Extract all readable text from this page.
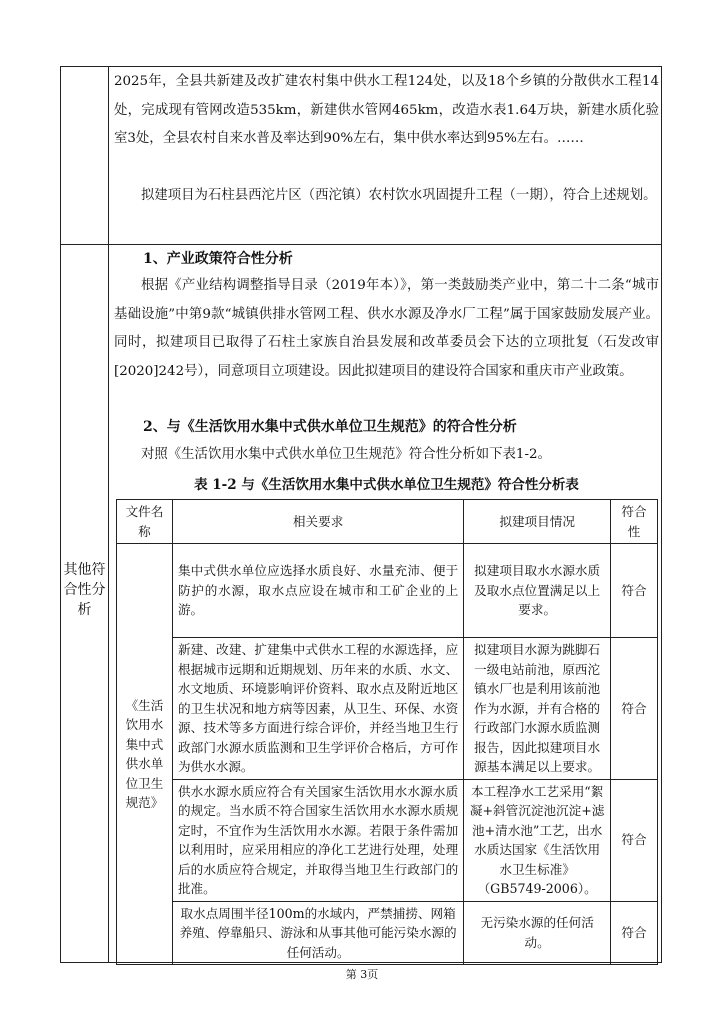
2025年，全县共新建及改扩建农村集中供水工程124处，以及18个乡镇的分散供水工程14处，完成现有管网改造535km，新建供水管网465km，改造水表1.64万块，新建水质化验室3处，全县农村自来水普及率达到90%左右，集中供水率达到95%左右。……

拟建项目为石柱县西沱片区（西沱镇）农村饮水巩固提升工程（一期），符合上述规划。

其他符合性分析

1、产业政策符合性分析

根据《产业结构调整指导目录（2019年本）》，第一类鼓励类产业中，第二十二条“城市基础设施”中第9款“城镇供排水管网工程、供水水源及净水厂工程”属于国家鼓励发展产业。同时，拟建项目已取得了石柱土家族自治县发展和改革委员会下达的立项批复（石发改审[2020]242号），同意项目立项建设。因此拟建项目的建设符合国家和重庆市产业政策。

2、与《生活饮用水集中式供水单位卫生规范》的符合性分析

对照《生活饮用水集中式供水单位卫生规范》符合性分析如下表1-2。

表 1-2 与《生活饮用水集中式供水单位卫生规范》符合性分析表
文件名称	相关要求	拟建项目情况	符合性
《生活饮用水集中式供水单位卫生规范》	集中式供水单位应选择水质良好、水量充沛、便于防护的水源，取水点应设在城市和工矿企业的上游。	拟建项目取水水源水质及取水点位置满足以上要求。	符合
	新建、改建、扩建集中式供水工程的水源选择，应根据城市远期和近期规划、历年来的水质、水文、水文地质、环境影响评价资料、取水点及附近地区的卫生状况和地方病等因素，从卫生、环保、水资源、技术等多方面进行综合评价，并经当地卫生行政部门水源水质监测和卫生学评价合格后，方可作为供水水源。	拟建项目水源为跳脚石一级电站前池，原西沱镇水厂也是利用该前池作为水源，并有合格的行政部门水源水质监测报告，因此拟建项目水源基本满足以上要求。	符合
	供水水源水质应符合有关国家生活饮用水水源水质的规定。当水质不符合国家生活饮用水水源水质规定时，不宜作为生活饮用水水源。若限于条件需加以利用时，应采用相应的净化工艺进行处理，处理后的水质应符合规定，并取得当地卫生行政部门的批准。	本工程净水工艺采用“絮凝+斜管沉淀池沉淀+滤池+清水池”工艺，出水水质达国家《生活饮用水卫生标准》（GB5749-2006）。	符合
	取水点周围半径100m的水域内，严禁捕捞、网箱养殖、停靠船只、游泳和从事其他可能污染水源的任何活动。	无污染水源的任何活动。	符合
第 3页
